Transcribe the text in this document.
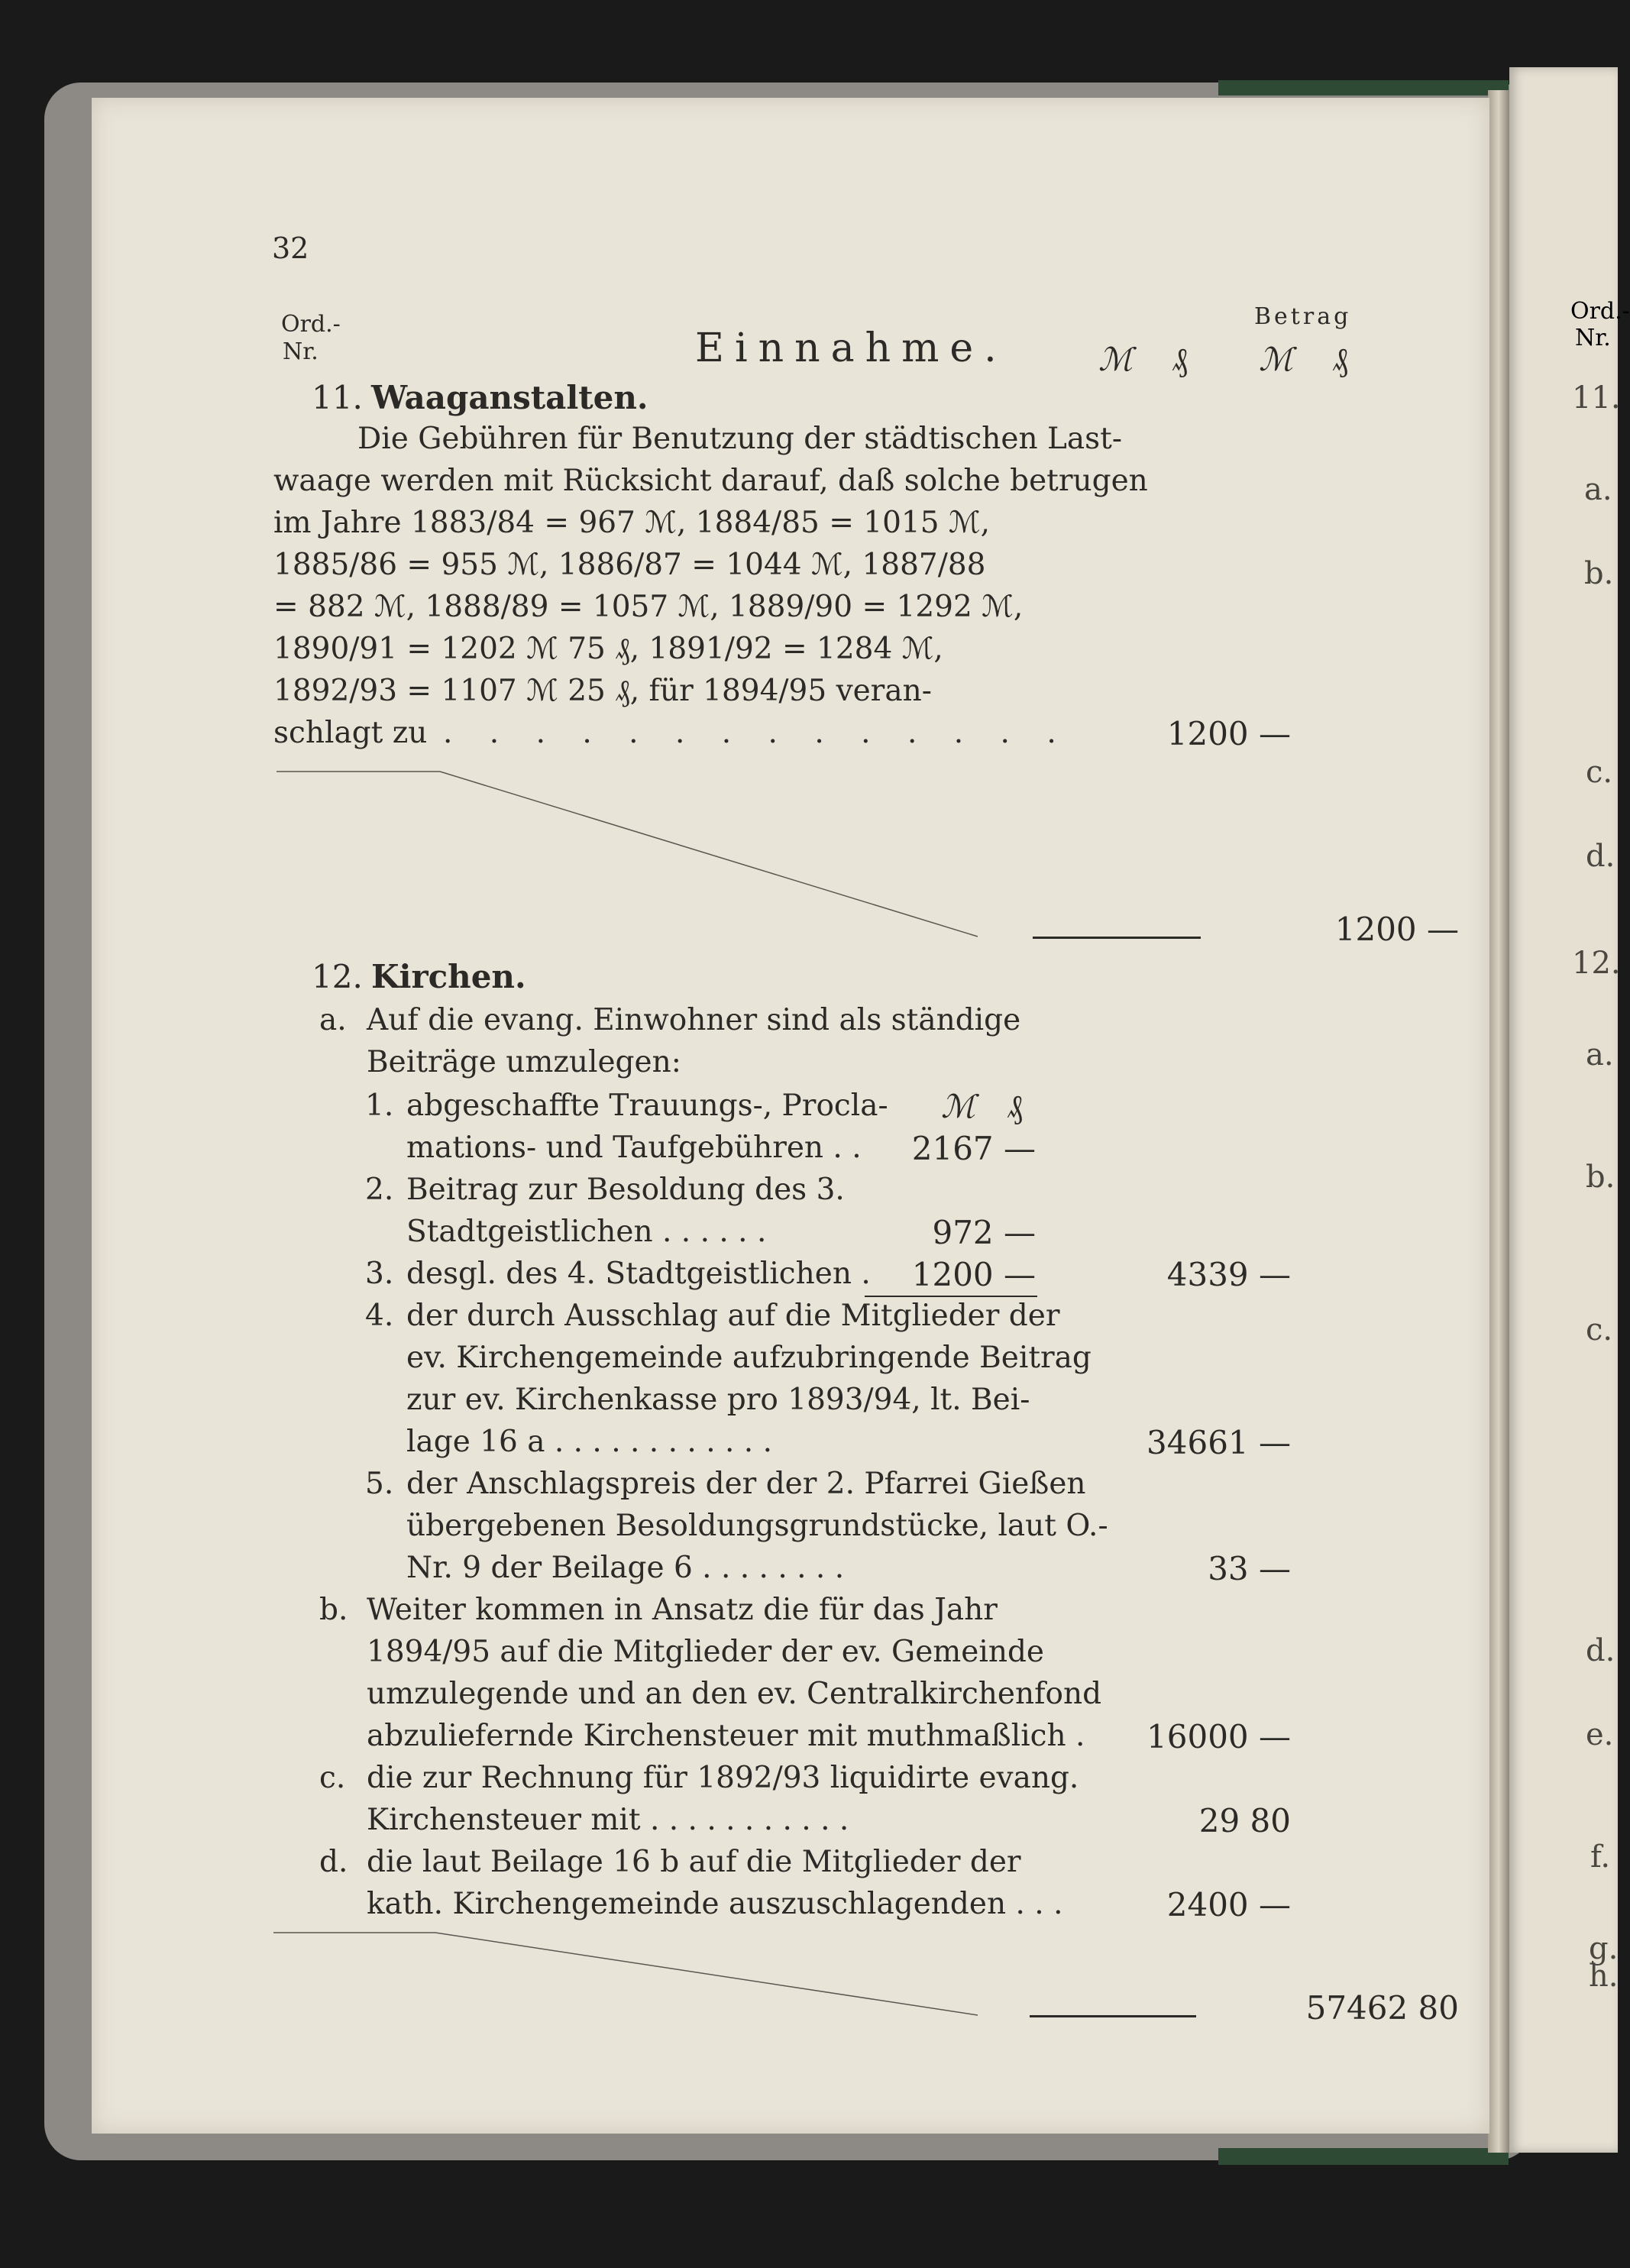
32
Ord.-
Nr.	Einnahme.
Betrag
ℳ ₰ ℳ ₰
11. Waaganstalten.
Die Gebühren für Benutzung der städtischen Last-
waage werden mit Rücksicht darauf, daß solche betrugen
im Jahre 1883/84 = 967 ℳ, 1884/85 = 1015 ℳ,
1885/86 = 955 ℳ, 1886/87 = 1044 ℳ, 1887/88
= 882 ℳ, 1888/89 = 1057 ℳ, 1889/90 = 1292 ℳ,
1890/91 = 1202 ℳ 75 ₰, 1891/92 = 1284 ℳ,
1892/93 = 1107 ℳ 25 ₰, für 1894/95 veran-
schlagt zu . . . . . . . . . . . . . .	1200 —
1200 —
12. Kirchen.
a. Auf die evang. Einwohner sind als ständige
Beiträge umzulegen:
ℳ ₰
1. abgeschaffte Trauungs-, Procla-
mations- und Taufgebühren . .	2167 —
2. Beitrag zur Besoldung des 3.
Stadtgeistlichen . . . . . .	972 —
3. desgl. des 4. Stadtgeistlichen .	1200 —	4339 —
4. der durch Ausschlag auf die Mitglieder der
ev. Kirchengemeinde aufzubringende Beitrag
zur ev. Kirchenkasse pro 1893/94, lt. Bei-
lage 16 a . . . . . . . . . . . .	34661 —
5. der Anschlagspreis der der 2. Pfarrei Gießen
übergebenen Besoldungsgrundstücke, laut O.-
Nr. 9 der Beilage 6 . . . . . . . .	33 —
b. Weiter kommen in Ansatz die für das Jahr
1894/95 auf die Mitglieder der ev. Gemeinde
umzulegende und an den ev. Centralkirchenfond
abzuliefernde Kirchensteuer mit muthmaßlich .	16000 —
c. die zur Rechnung für 1892/93 liquidirte evang.
Kirchensteuer mit . . . . . . . . . . .	29 80
d. die laut Beilage 16 b auf die Mitglieder der
kath. Kirchengemeinde auszuschlagenden . . .	2400 —
57462 80
Ord.-
Nr.
11.
a.
b.
c.
d.
12.
a.
b.
c.
d.
e.
f.
g.
h.
